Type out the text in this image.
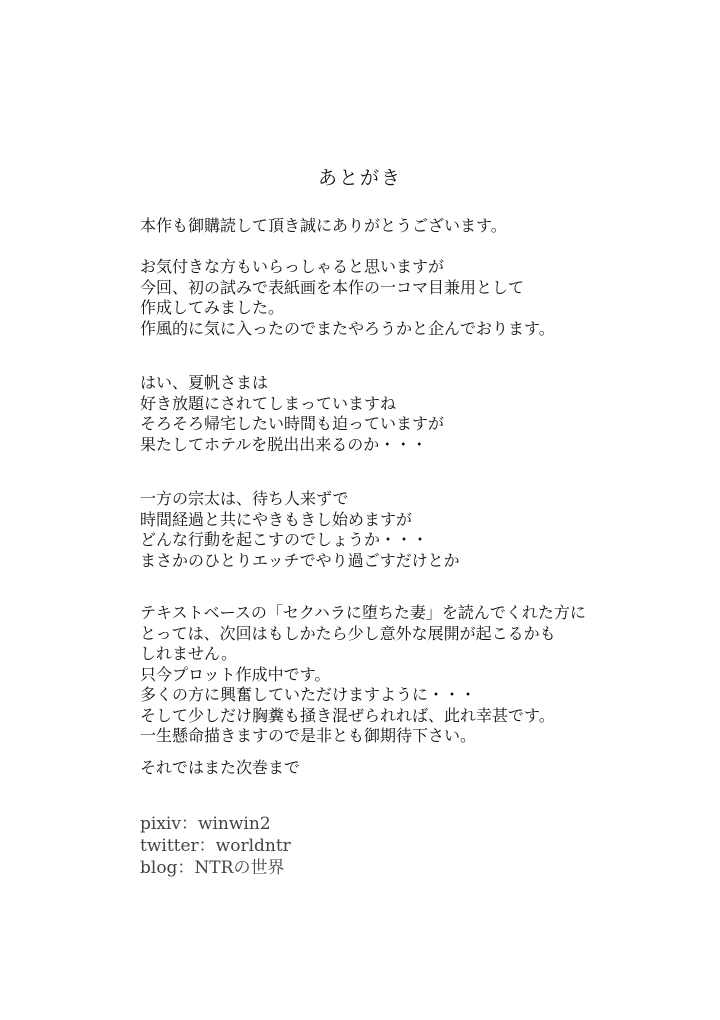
あとがき
本作も御購読して頂き誠にありがとうございます。
お気付きな方もいらっしゃると思いますが
今回、初の試みで表紙画を本作の一コマ目兼用として
作成してみました。
作風的に気に入ったのでまたやろうかと企んでおります。
はい、夏帆さまは
好き放題にされてしまっていますね
そろそろ帰宅したい時間も迫っていますが
果たしてホテルを脱出出来るのか・・・
一方の宗太は、待ち人来ずで
時間経過と共にやきもきし始めますが
どんな行動を起こすのでしょうか・・・
まさかのひとりエッチでやり過ごすだけとか
テキストベースの「セクハラに堕ちた妻」を読んでくれた方に
とっては、次回はもしかたら少し意外な展開が起こるかも
しれません。
只今プロット作成中です。
多くの方に興奮していただけますように・・・
そして少しだけ胸糞も掻き混ぜられれば、此れ幸甚です。
一生懸命描きますので是非とも御期待下さい。
それではまた次巻まで
pixiv：winwin2
twitter：worldntr
blog：NTRの世界
